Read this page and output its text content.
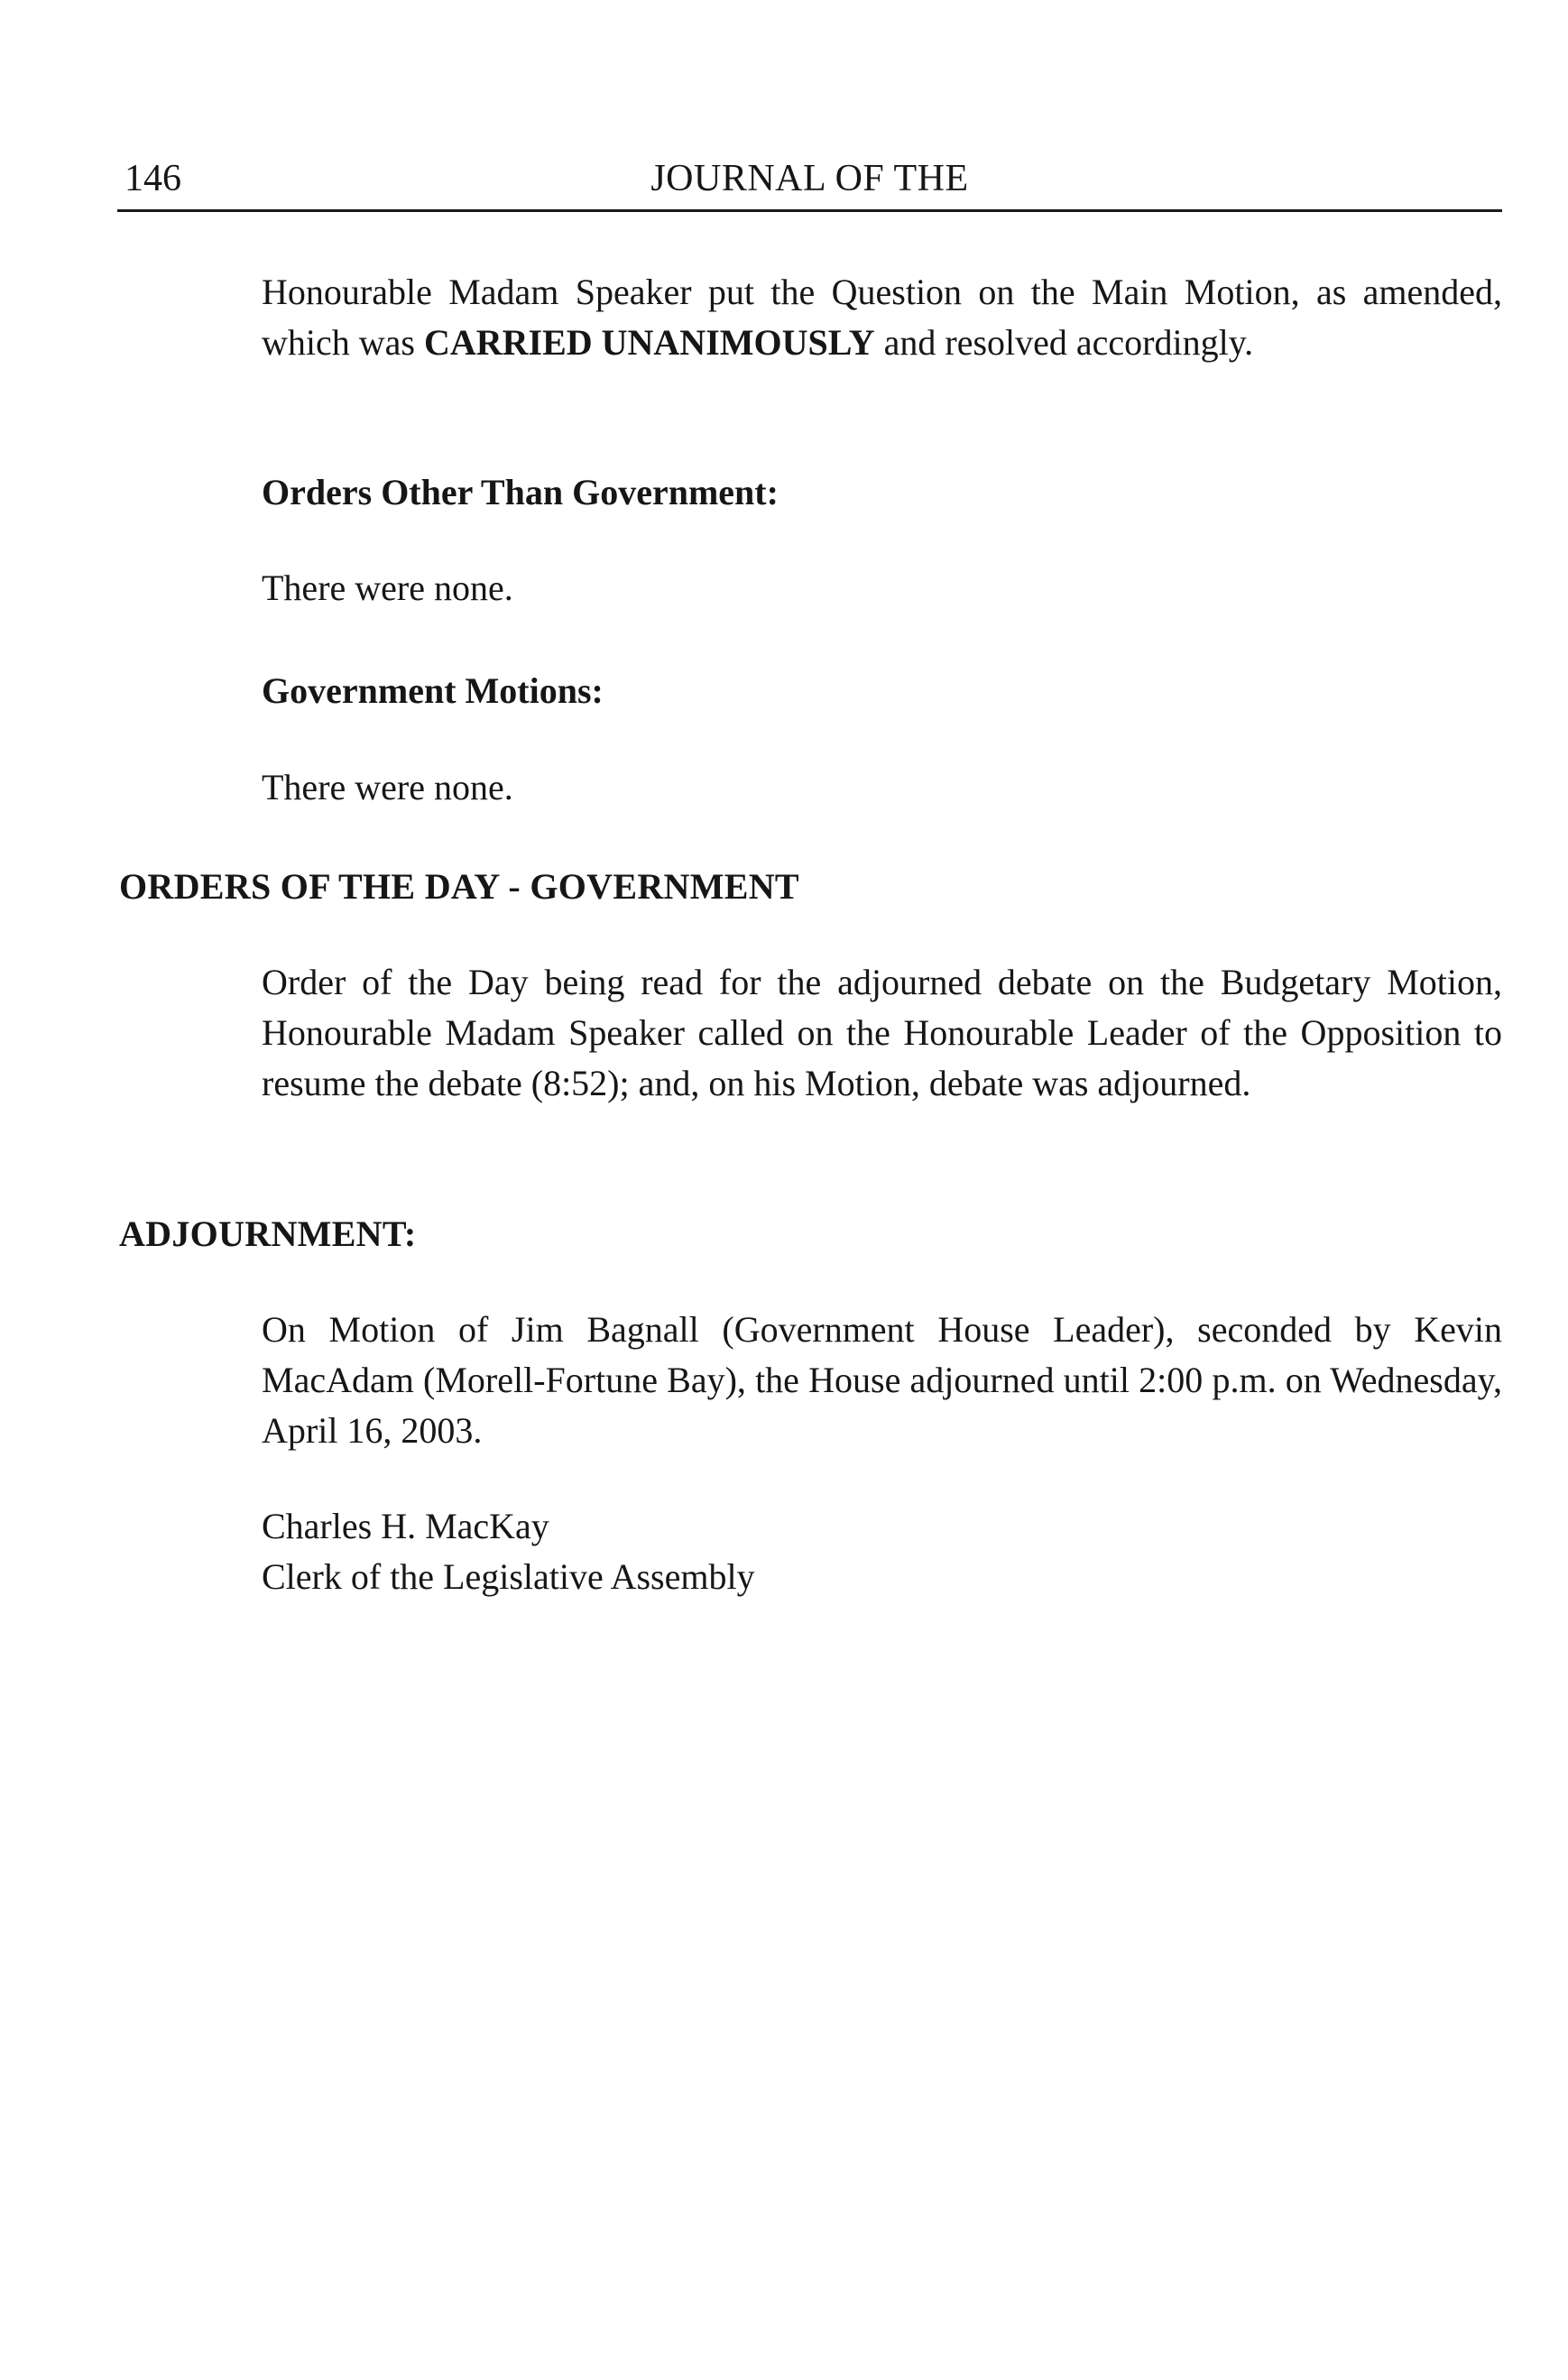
146	JOURNAL OF THE

Honourable Madam Speaker put the Question on the Main Motion, as amended, which was CARRIED UNANIMOUSLY and resolved accordingly.

Orders Other Than Government:
There were none.
Government Motions:
There were none.
ORDERS OF THE DAY - GOVERNMENT

Order of the Day being read for the adjourned debate on the Budgetary Motion, Honourable Madam Speaker called on the Honourable Leader of the Opposition to resume the debate (8:52); and, on his Motion, debate was adjourned.

ADJOURNMENT:

On Motion of Jim Bagnall (Government House Leader), seconded by Kevin MacAdam (Morell-Fortune Bay), the House adjourned until 2:00 p.m. on Wednesday, April 16, 2003.

Charles H. MacKay
Clerk of the Legislative Assembly
